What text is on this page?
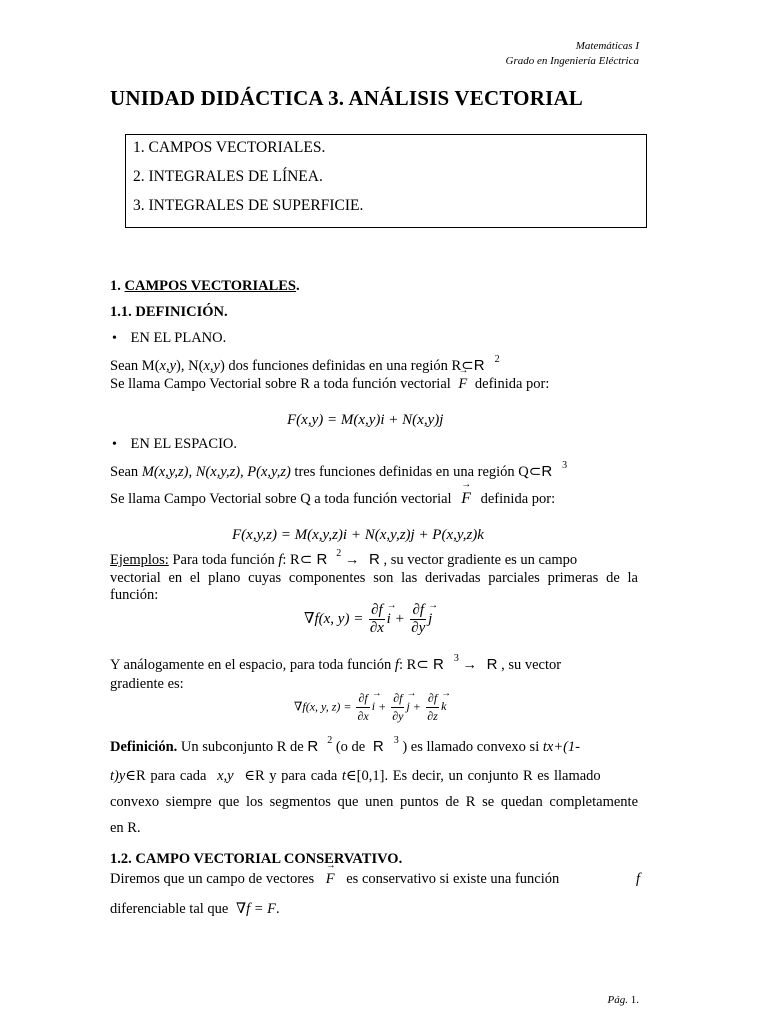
Matemáticas I
Grado en Ingeniería Eléctrica
UNIDAD DIDÁCTICA 3. ANÁLISIS VECTORIAL
1. CAMPOS VECTORIALES.
2. INTEGRALES DE LÍNEA.
3. INTEGRALES DE SUPERFICIE.
1. CAMPOS VECTORIALES.
1.1. DEFINICIÓN.
• EN EL PLANO.
Sean M(x,y), N(x,y) dos funciones definidas en una región R⊂R $^2$
Se llama Campo Vectorial sobre R a toda función vectorial → F definida por:
F(x,y) = M(x,y)i + N(x,y)j
• EN EL ESPACIO.
Sean M(x,y,z), N(x,y,z), P(x,y,z) tres funciones definidas en una región Q⊂R $^3$
Se llama Campo Vectorial sobre Q a toda función vectorial → F definida por:
F(x,y,z) = M(x,y,z)i + N(x,y,z)j + P(x,y,z)k
Ejemplos: Para toda función f: R⊂ R $^2$ → R , su vector gradiente es un campo
vectorial en el plano cuyas componentes son las derivadas parciales primeras de la
función:
∇f(x, $y) = \frac{\partial f}{\partial x}$
→ $i + \frac{\partial f}{\partial y}$
→ j
Y análogamente en el espacio, para toda función f: R⊂ R $^3$ → R , su vector
gradiente es:
∇f(x, y, $z) = \frac{\partial f}{\partial x}$
→ $i + \frac{\partial f}{\partial y}$
→ $j + \frac{\partial f}{\partial z}$
→ k
Definición. Un subconjunto R de R $^2$ (o de R $^3$ ) es llamado convexo si tx+(1-
t)y∈R para cada x,y ∈R y para cada t∈[0,1]. Es decir, un conjunto R es llamado
convexo siempre que los segmentos que unen puntos de R se quedan completamente
en R.
1.2. CAMPO VECTORIAL CONSERVATIVO.
Diremos que un campo de vectores → F es conservativo si existe una función	f
diferenciable tal que ∇f = F.
Pág. 1.
